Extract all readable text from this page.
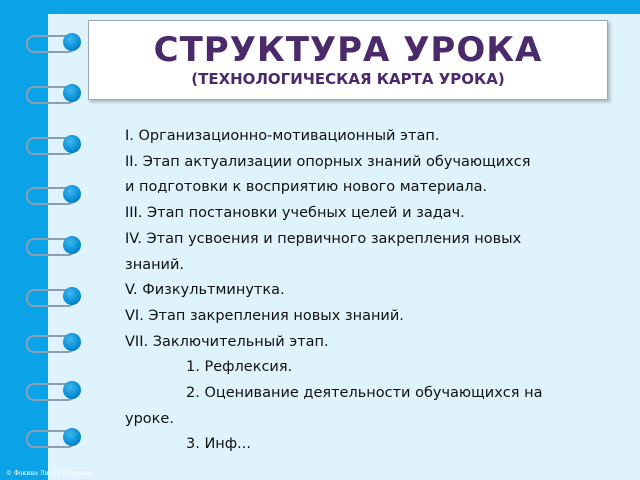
СТРУКТУРА УРОКА
(ТЕХНОЛОГИЧЕСКАЯ КАРТА УРОКА)

I. Организационно-мотивационный этап.

II. Этап актуализации опорных знаний обучающихся

и подготовки к восприятию нового материала.

III. Этап постановки учебных целей и задач.

IV. Этап усвоения и первичного закрепления новых

знаний.

V. Физкультминутка.

VI. Этап закрепления новых знаний.

VII. Заключительный этап.

1. Рефлексия.

2. Оценивание деятельности обучающихся на

уроке.

3. Инф...

© Фокина Лидия Петровна
